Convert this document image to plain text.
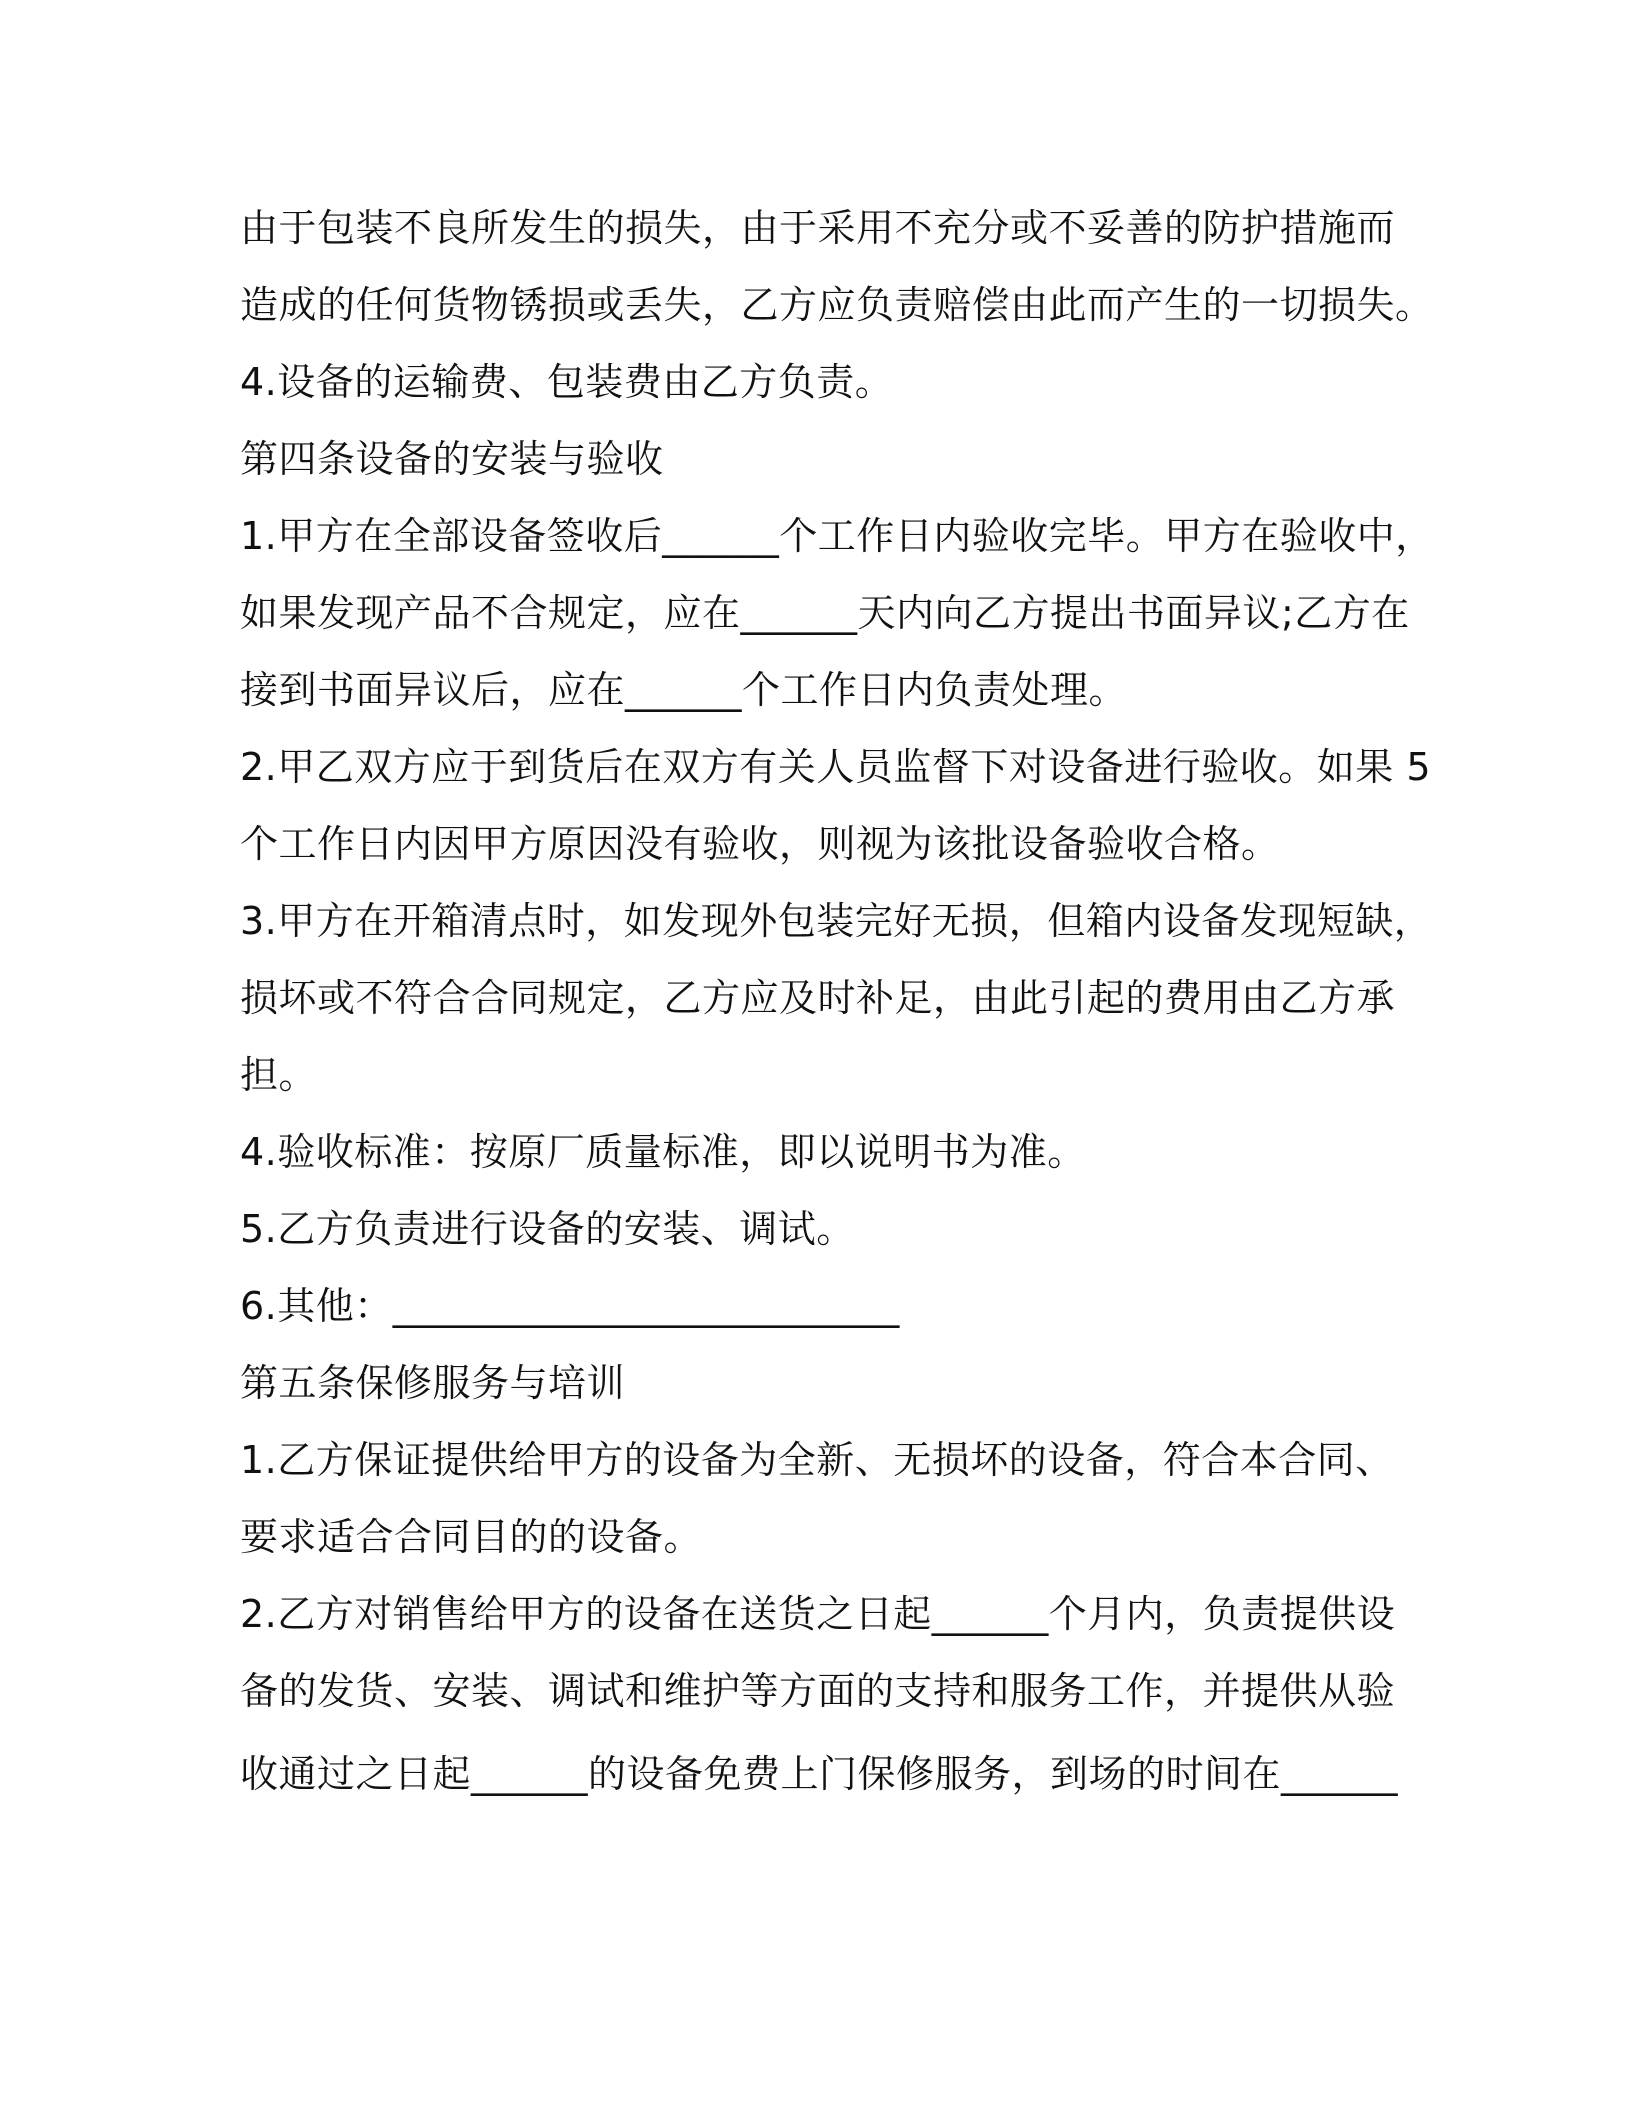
由于包装不良所发生的损失，由于采用不充分或不妥善的防护措施而
造成的任何货物锈损或丢失，乙方应负责赔偿由此而产生的一切损失。
4.设备的运输费、包装费由乙方负责。
第四条设备的安装与验收
1.甲方在全部设备签收后______个工作日内验收完毕。甲方在验收中，
如果发现产品不合规定，应在______天内向乙方提出书面异议;乙方在
接到书面异议后，应在______个工作日内负责处理。
2.甲乙双方应于到货后在双方有关人员监督下对设备进行验收。如果 5
个工作日内因甲方原因没有验收，则视为该批设备验收合格。
3.甲方在开箱清点时，如发现外包装完好无损，但箱内设备发现短缺，
损坏或不符合合同规定，乙方应及时补足，由此引起的费用由乙方承
担。
4.验收标准：按原厂质量标准，即以说明书为准。
5.乙方负责进行设备的安装、调试。
6.其他：__________________________
第五条保修服务与培训
1.乙方保证提供给甲方的设备为全新、无损坏的设备，符合本合同、
要求适合合同目的的设备。
2.乙方对销售给甲方的设备在送货之日起______个月内，负责提供设
备的发货、安装、调试和维护等方面的支持和服务工作，并提供从验
收通过之日起______的设备免费上门保修服务，到场的时间在______
